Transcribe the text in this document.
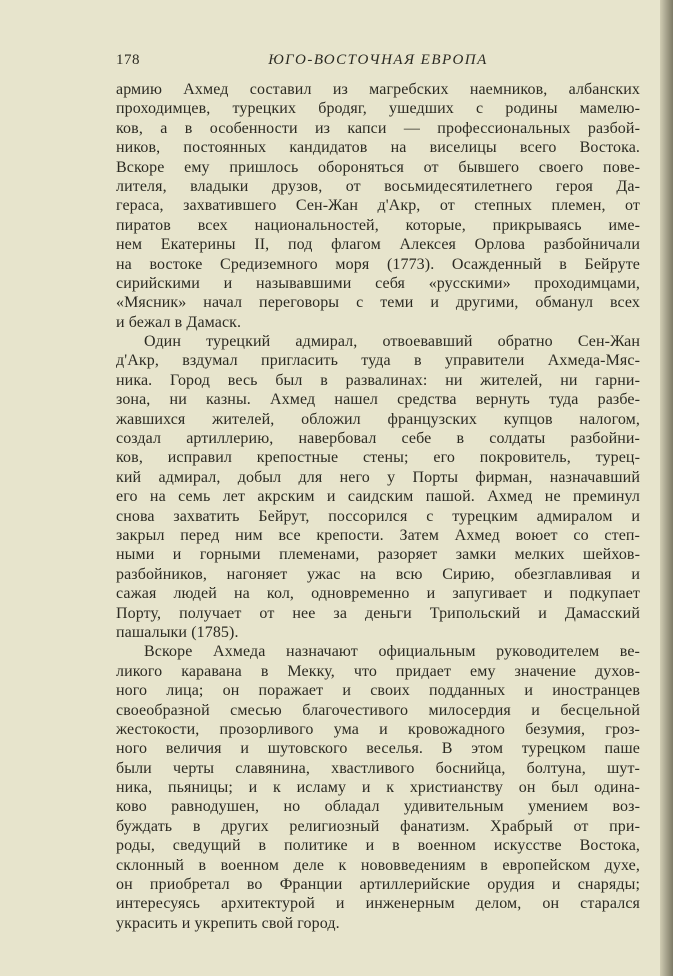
178	ЮГО-ВОСТОЧНАЯ ЕВРОПА
армию Ахмед составил из магребских наемников, албанских
проходимцев, турецких бродяг, ушедших с родины мамелю-
ков, а в особенности из капси — профессиональных разбой-
ников, постоянных кандидатов на виселицы всего Востока.
Вскоре ему пришлось обороняться от бывшего своего пове-
лителя, владыки друзов, от восьмидесятилетнего героя Да-
гераса, захватившего Сен-Жан д'Акр, от степных племен, от
пиратов всех национальностей, которые, прикрываясь име-
нем Екатерины II, под флагом Алексея Орлова разбойничали
на востоке Средиземного моря (1773). Осажденный в Бейруте
сирийскими и называвшими себя «русскими» проходимцами,
«Мясник» начал переговоры с теми и другими, обманул всех
и бежал в Дамаск.
Один турецкий адмирал, отвоевавший обратно Сен-Жан
д'Акр, вздумал пригласить туда в управители Ахмеда-Мяс-
ника. Город весь был в развалинах: ни жителей, ни гарни-
зона, ни казны. Ахмед нашел средства вернуть туда разбе-
жавшихся жителей, обложил французских купцов налогом,
создал артиллерию, навербовал себе в солдаты разбойни-
ков, исправил крепостные стены; его покровитель, турец-
кий адмирал, добыл для него у Порты фирман, назначавший
его на семь лет акрским и саидским пашой. Ахмед не преминул
снова захватить Бейрут, поссорился с турецким адмиралом и
закрыл перед ним все крепости. Затем Ахмед воюет со степ-
ными и горными племенами, разоряет замки мелких шейхов-
разбойников, нагоняет ужас на всю Сирию, обезглавливая и
сажая людей на кол, одновременно и запугивает и подкупает
Порту, получает от нее за деньги Трипольский и Дамасский
пашалыки (1785).
Вскоре Ахмеда назначают официальным руководителем ве-
ликого каравана в Мекку, что придает ему значение духов-
ного лица; он поражает и своих подданных и иностранцев
своеобразной смесью благочестивого милосердия и бесцельной
жестокости, прозорливого ума и кровожадного безумия, гроз-
ного величия и шутовского веселья. В этом турецком паше
были черты славянина, хвастливого боснийца, болтуна, шут-
ника, пьяницы; и к исламу и к христианству он был одина-
ково равнодушен, но обладал удивительным умением воз-
буждать в других религиозный фанатизм. Храбрый от при-
роды, сведущий в политике и в военном искусстве Востока,
склонный в военном деле к нововведениям в европейском духе,
он приобретал во Франции артиллерийские орудия и снаряды;
интересуясь архитектурой и инженерным делом, он старался
украсить и укрепить свой город.
